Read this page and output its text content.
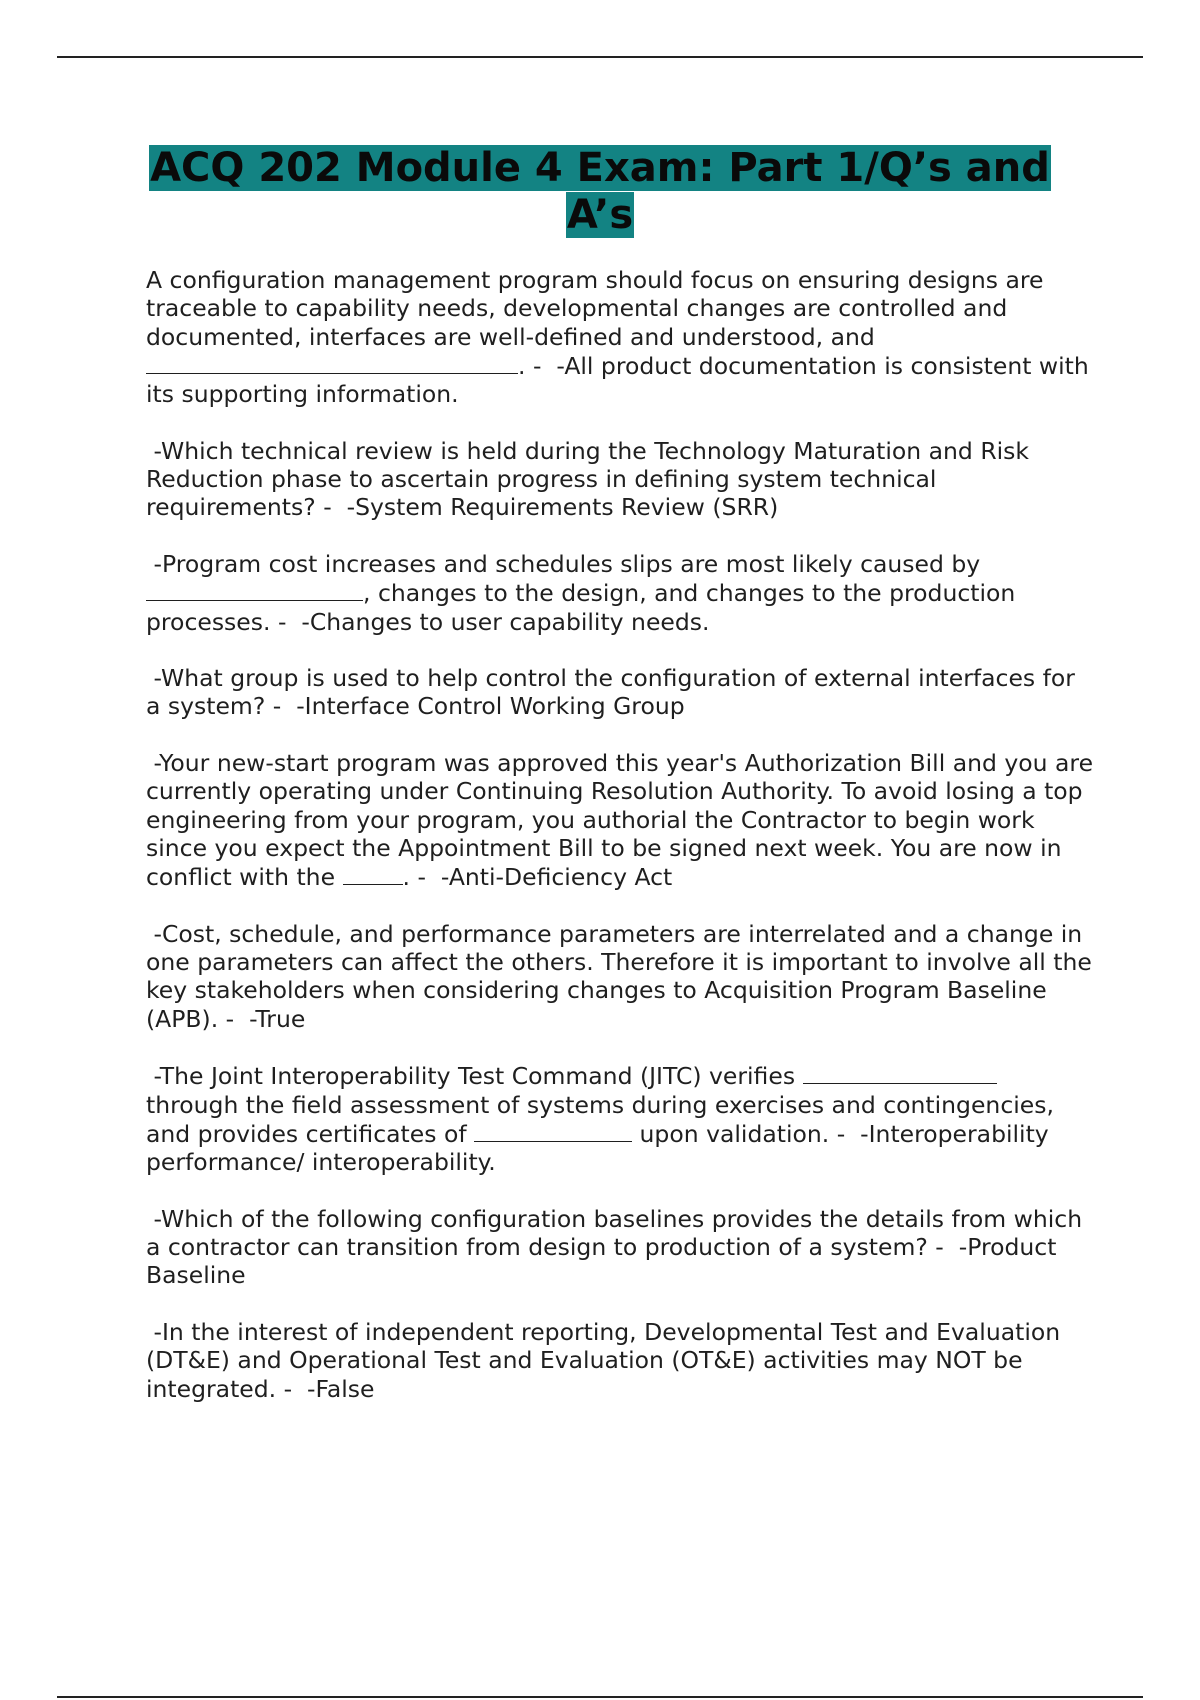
ACQ 202 Module 4 Exam: Part 1/Q’s and
A’s

A configuration management program should focus on ensuring designs are traceable to capability needs, developmental changes are controlled and documented, interfaces are well-defined and understood, and
. -  -All product documentation is consistent with its supporting information.

-Which technical review is held during the Technology Maturation and Risk Reduction phase to ascertain progress in defining system technical requirements? -  -System Requirements Review (SRR)

-Program cost increases and schedules slips are most likely caused by
, changes to the design, and changes to the production processes. -  -Changes to user capability needs.

-What group is used to help control the configuration of external interfaces for a system? -  -Interface Control Working Group

-Your new-start program was approved this year's Authorization Bill and you are currently operating under Continuing Resolution Authority. To avoid losing a top engineering from your program, you authorial the Contractor to begin work since you expect the Appointment Bill to be signed next week. You are now in conflict with the	. -  -Anti-Deficiency Act

-Cost, schedule, and performance parameters are interrelated and a change in one parameters can affect the others. Therefore it is important to involve all the key stakeholders when considering changes to Acquisition Program Baseline (APB). -  -True

-The Joint Interoperability Test Command (JITC) verifies
through the field assessment of systems during exercises and contingencies, and provides certificates of	upon validation. -  -Interoperability performance/ interoperability.

-Which of the following configuration baselines provides the details from which a contractor can transition from design to production of a system? -  -Product Baseline

-In the interest of independent reporting, Developmental Test and Evaluation (DT&E) and Operational Test and Evaluation (OT&E) activities may NOT be integrated. -  -False
